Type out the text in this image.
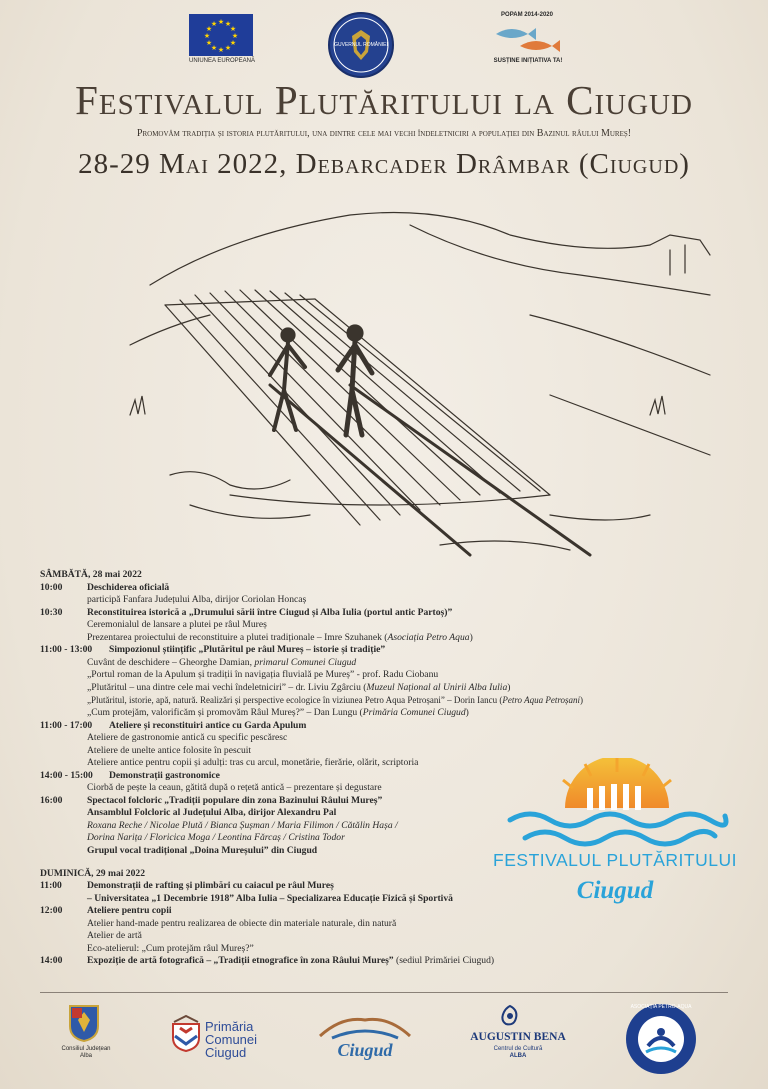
★ ★
★
★
★
★
★
★
★
★
★
★
UNIUNEA EUROPEANĂ
GUVERNUL ROMÂNIEI
POPAM 2014-2020
SUSȚINE INIȚIATIVA TA!
Festivalul Plutăritului la Ciugud
Promovăm tradiția și istoria plutăritului, una dintre cele mai vechi îndeletniciri a populației din Bazinul râului Mureș!
28-29 Mai 2022, Debarcader Drâmbar (Ciugud)
SÂMBĂTĂ, 28 mai 2022
10:00	Deschiderea oficială
participă Fanfara Județului Alba, dirijor Coriolan Honcaș
10:30	Reconstituirea istorică a „Drumului sării între Ciugud și Alba Iulia (portul antic Partoș)”
Ceremonialul de lansare a plutei pe râul Mureș
Prezentarea proiectului de reconstituire a plutei tradiționale – Imre Szuhanek (Asociația Petro Aqua)
11:00 - 13:00 Simpozionul științific „Plutăritul pe râul Mureș – istorie și tradiție”
Cuvânt de deschidere – Gheorghe Damian, primarul Comunei Ciugud
„Portul roman de la Apulum și tradiții în navigația fluvială pe Mureș” - prof. Radu Ciobanu
„Plutăritul – una dintre cele mai vechi îndeletniciri” – dr. Liviu Zgârciu (Muzeul Național al Unirii Alba Iulia)
„Plutăritul, istorie, apă, natură. Realizări și perspective ecologice în viziunea Petro Aqua Petroșani” – Dorin Iancu (Petro Aqua Petroșani)
„Cum protejăm, valorificăm și promovăm Râul Mureș?” – Dan Lungu (Primăria Comunei Ciugud)
11:00 - 17:00 Ateliere și reconstituiri antice cu Garda Apulum
Ateliere de gastronomie antică cu specific pescăresc
Ateliere de unelte antice folosite în pescuit
Ateliere antice pentru copii și adulți: tras cu arcul, monetărie, fierărie, olărit, scriptoria
14:00 - 15:00 Demonstrații gastronomice
Ciorbă de pește la ceaun, gătită după o rețetă antică – prezentare și degustare
16:00	Spectacol folcloric „Tradiții populare din zona Bazinului Râului Mureș”
Ansamblul Folcloric al Județului Alba, dirijor Alexandru Pal
Roxana Reche / Nicolae Plută / Bianca Șușman / Maria Filimon / Cătălin Hașa /
Dorina Narița / Floricica Moga / Leontina Fărcaș / Cristina Todor
Grupul vocal tradițional „Doina Mureșului” din Ciugud
DUMINICĂ, 29 mai 2022
11:00	Demonstrații de rafting și plimbări cu caiacul pe râul Mureș
– Universitatea „1 Decembrie 1918” Alba Iulia – Specializarea Educație Fizică și Sportivă
12:00	Ateliere pentru copii
Atelier hand-made pentru realizarea de obiecte din materiale naturale, din natură
Atelier de artă
Eco-atelierul: „Cum protejăm râul Mureș?”
14:00	Expoziție de artă fotografică – „Tradiții etnografice în zona Râului Mureș” (sediul Primăriei Ciugud)
FESTIVALUL PLUTĂRITULUI
Ciugud
Consiliul Județean Alba
Primăria
Comunei
Ciugud	Ciugud
AUGUSTIN BENA
Centrul de Cultură
ALBA
ASOCIAȚIA PETRO-AQUA
